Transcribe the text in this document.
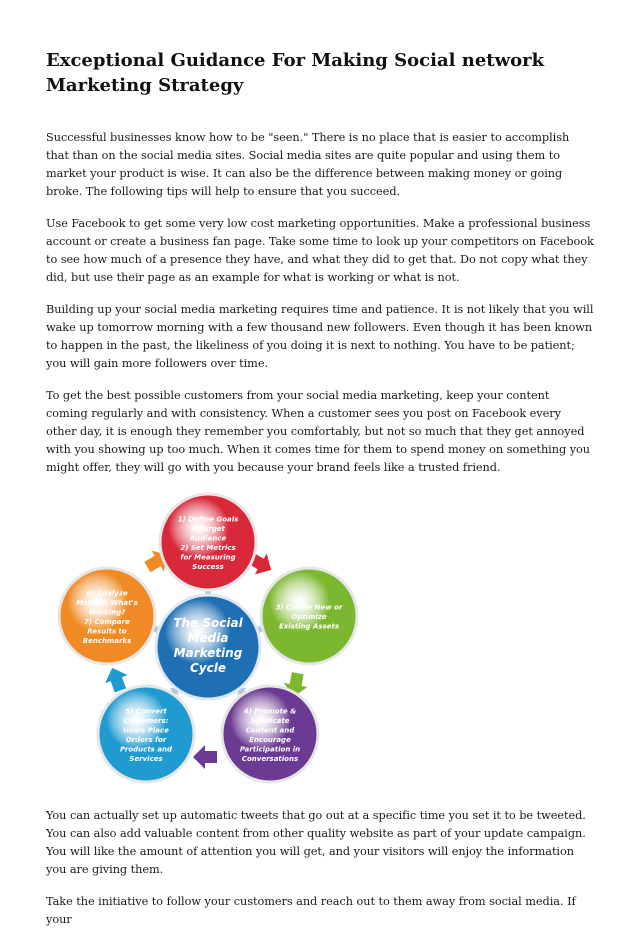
Exceptional Guidance For Making Social network Marketing Strategy

Successful businesses know how to be "seen." There is no place that is easier to accomplish that than on the social media sites. Social media sites are quite popular and using them to market your product is wise. It can also be the difference between making money or going broke. The following tips will help to ensure that you succeed.

Use Facebook to get some very low cost marketing opportunities. Make a professional business account or create a business fan page. Take some time to look up your competitors on Facebook to see how much of a presence they have, and what they did to get that. Do not copy what they did, but use their page as an example for what is working or what is not.

Building up your social media marketing requires time and patience. It is not likely that you will wake up tomorrow morning with a few thousand new followers. Even though it has been known to happen in the past, the likeliness of you doing it is next to nothing. You have to be patient; you will gain more followers over time.

To get the best possible customers from your social media marketing, keep your content coming regularly and with consistency. When a customer sees you post on Facebook every other day, it is enough they remember you comfortably, but not so much that they get annoyed with you showing up too much. When it comes time for them to spend money on something you might offer, they will go with you because your brand feels like a trusted friend.

The Social
Media
Marketing
Cycle
1) Define Goals
& Target
Audience
2) Set Metrics
for Measuring
Success
3) Create New or
Optimize
Existing Assets
4) Promote &
Syndicate
Content and
Encourage
Participation in
Conversations
5) Convert
Customers:
Users Place
Orders for
Products and
Services
6) Analyze
Metrics: What's
Working?
7) Compare
Results to
Benchmarks

You can actually set up automatic tweets that go out at a specific time you set it to be tweeted. You can also add valuable content from other quality website as part of your update campaign. You will like the amount of attention you will get, and your visitors will enjoy the information you are giving them.

Take the initiative to follow your customers and reach out to them away from social media. If your
